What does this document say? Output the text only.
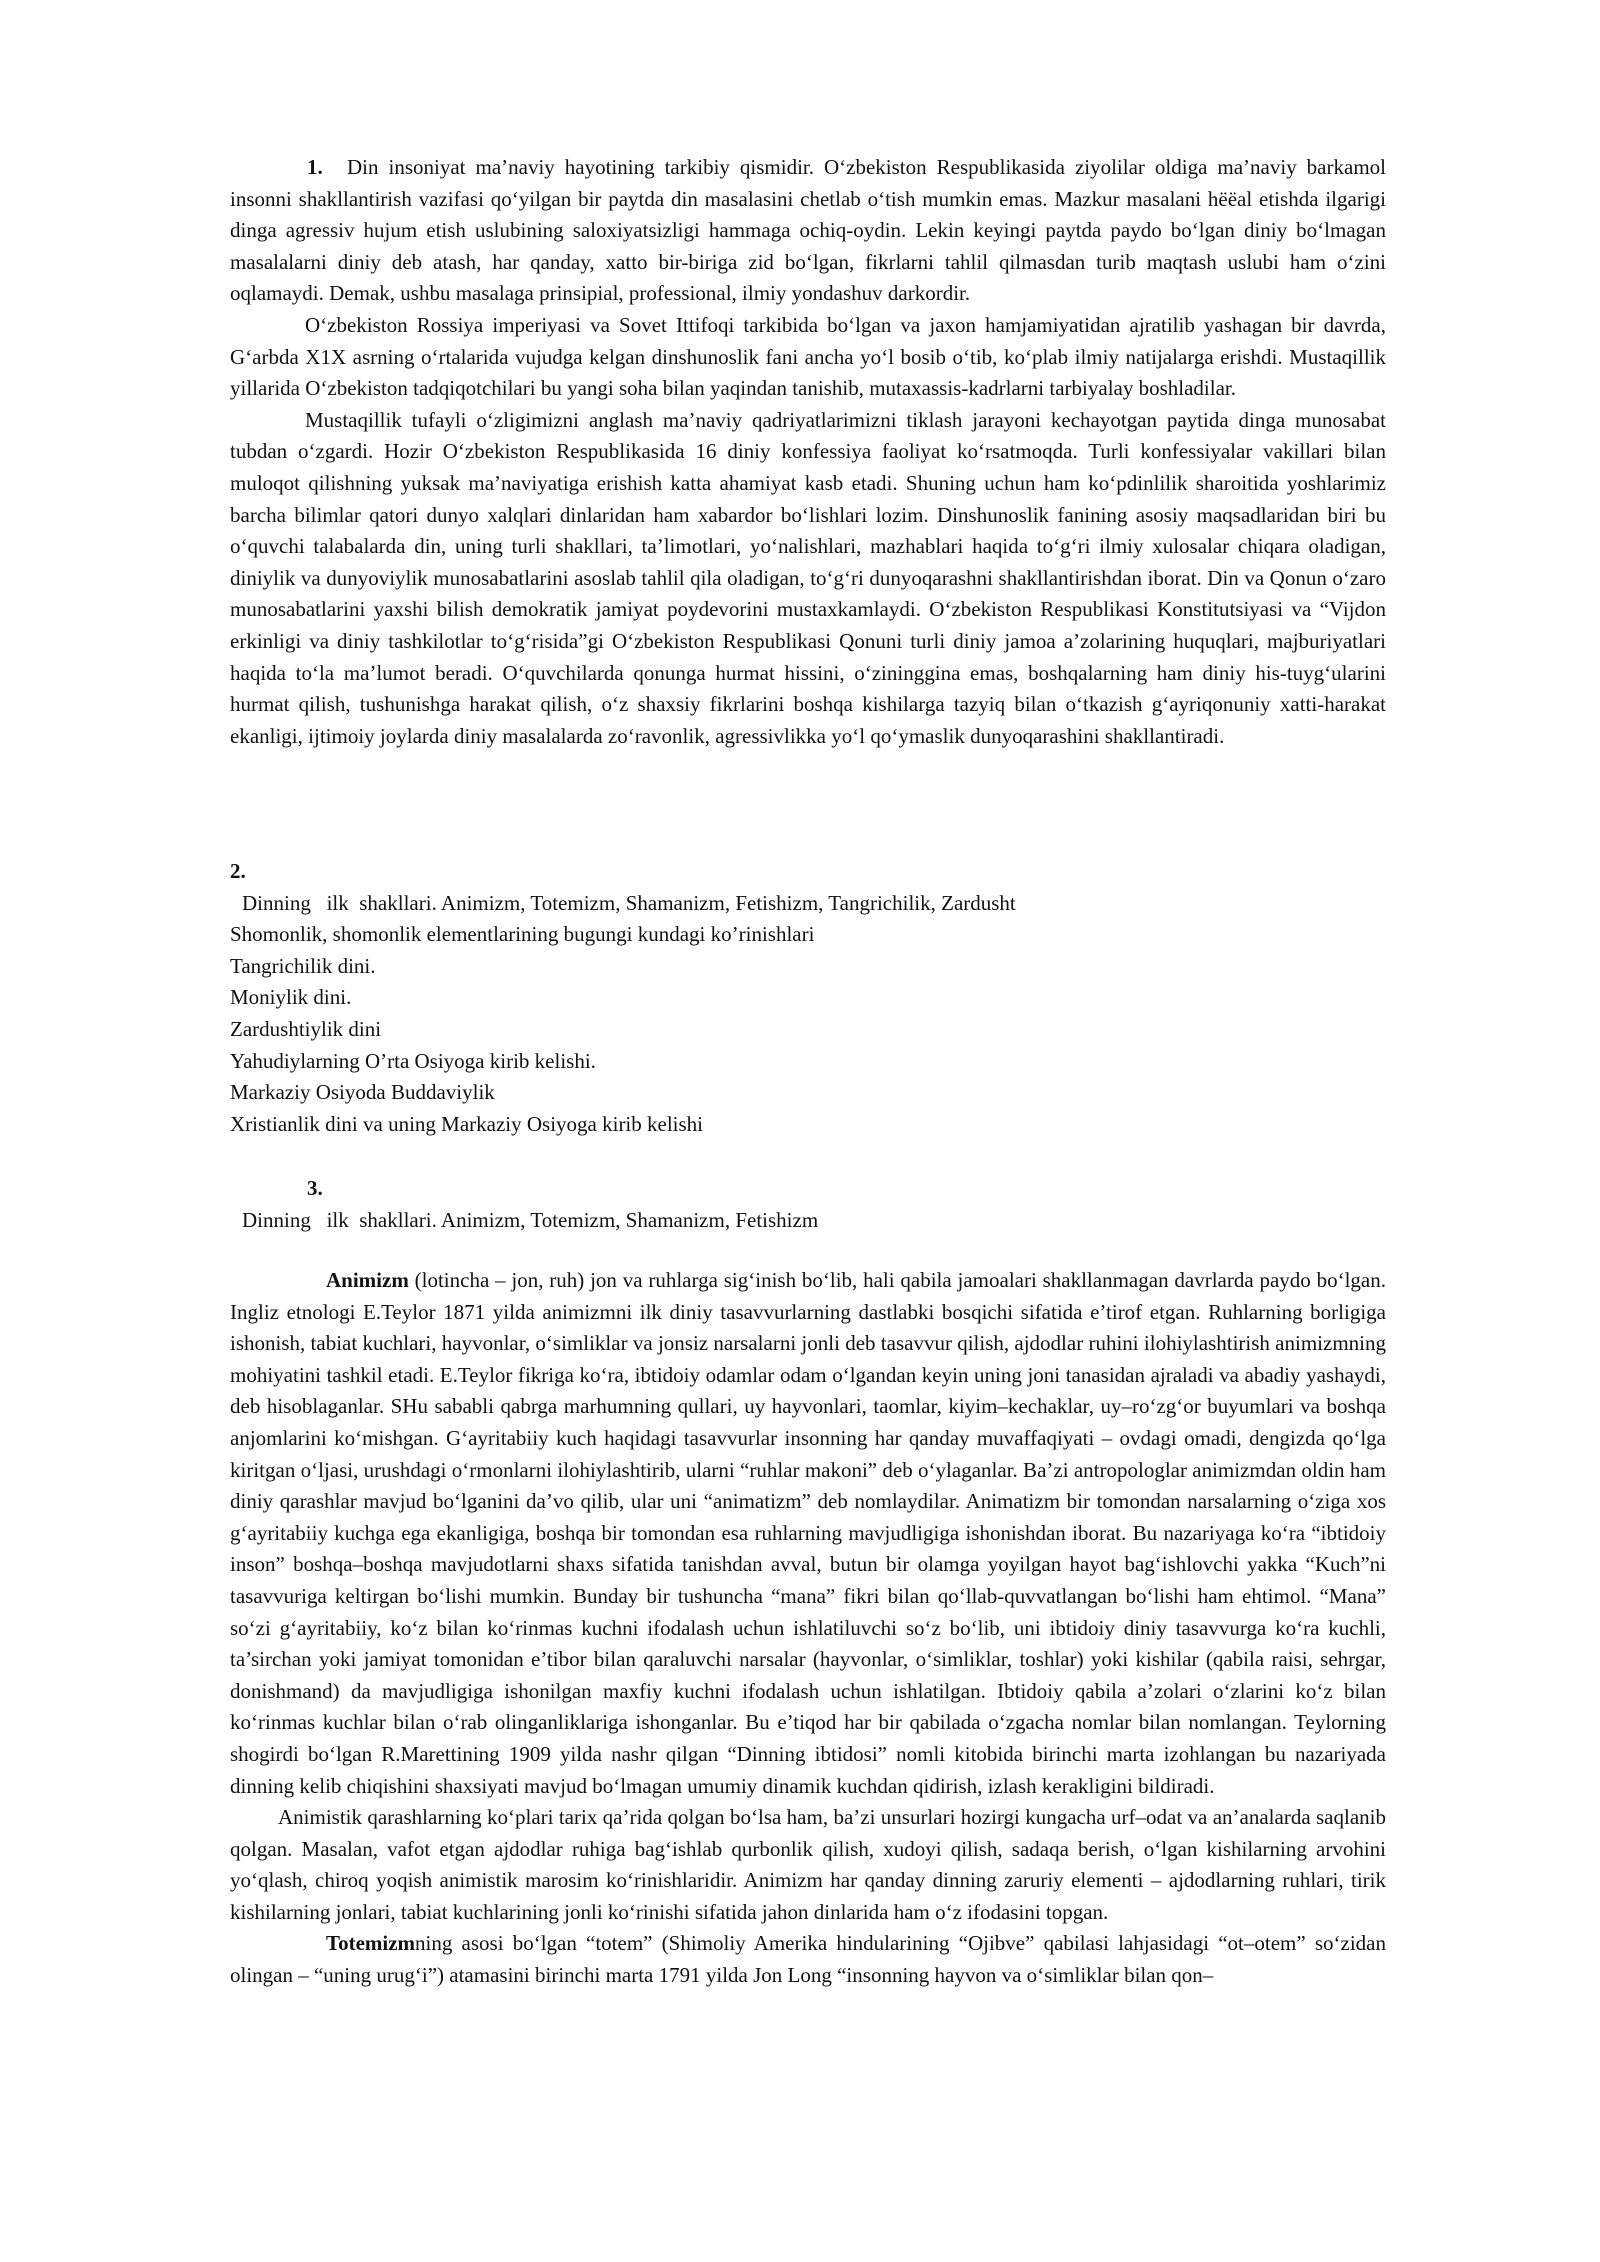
1. Din insoniyat ma’naviy hayotining tarkibiy qismidir. O‘zbekiston Respublikasida ziyolilar oldiga ma’naviy barkamol insonni shakllantirish vazifasi qo‘yilgan bir paytda din masalasini chetlab o‘tish mumkin emas. Mazkur masalani hёёal etishda ilgarigi dinga agressiv hujum etish uslubining saloxiyatsizligi hammaga ochiq-oydin. Lekin keyingi paytda paydo bo‘lgan diniy bo‘lmagan masalalarni diniy deb atash, har qanday, xatto bir-biriga zid bo‘lgan, fikrlarni tahlil qilmasdan turib maqtash uslubi ham o‘zini oqlamaydi. Demak, ushbu masalaga prinsipial, professional, ilmiy yondashuv darkordir.

O‘zbekiston Rossiya imperiyasi va Sovet Ittifoqi tarkibida bo‘lgan va jaxon hamjamiyatidan ajratilib yashagan bir davrda, G‘arbda X1X asrning o‘rtalarida vujudga kelgan dinshunoslik fani ancha yo‘l bosib o‘tib, ko‘plab ilmiy natijalarga erishdi. Mustaqillik yillarida O‘zbekiston tadqiqotchilari bu yangi soha bilan yaqindan tanishib, mutaxassis-kadrlarni tarbiyalay boshladilar.

Mustaqillik tufayli o‘zligimizni anglash ma’naviy qadriyatlarimizni tiklash jarayoni kechayotgan paytida dinga munosabat tubdan o‘zgardi. Hozir O‘zbekiston Respublikasida 16 diniy konfessiya faoliyat ko‘rsatmoqda. Turli konfessiyalar vakillari bilan muloqot qilishning yuksak ma’naviyatiga erishish katta ahamiyat kasb etadi. Shuning uchun ham ko‘pdinlilik sharoitida yoshlarimiz barcha bilimlar qatori dunyo xalqlari dinlaridan ham xabardor bo‘lishlari lozim. Dinshunoslik fanining asosiy maqsadlaridan biri bu o‘quvchi talabalarda din, uning turli shakllari, ta’limotlari, yo‘nalishlari, mazhablari haqida to‘g‘ri ilmiy xulosalar chiqara oladigan, diniylik va dunyoviylik munosabatlarini asoslab tahlil qila oladigan, to‘g‘ri dunyoqarashni shakllantirishdan iborat. Din va Qonun o‘zaro munosabatlarini yaxshi bilish demokratik jamiyat poydevorini mustaxkamlaydi. O‘zbekiston Respublikasi Konstitutsiyasi va “Vijdon erkinligi va diniy tashkilotlar to‘g‘risida”gi O‘zbekiston Respublikasi Qonuni turli diniy jamoa a’zolarining huquqlari, majburiyatlari haqida to‘la ma’lumot beradi. O‘quvchilarda qonunga hurmat hissini, o‘zininggina emas, boshqalarning ham diniy his-tuyg‘ularini hurmat qilish, tushunishga harakat qilish, o‘z shaxsiy fikrlarini boshqa kishilarga tazyiq bilan o‘tkazish g‘ayriqonuniy xatti-harakat ekanligi, ijtimoiy joylarda diniy masalalarda zo‘ravonlik, agressivlikka yo‘l qo‘ymaslik dunyoqarashini shakllantiradi.

2.

Dinning   ilk  shakllari. Animizm, Totemizm, Shamanizm, Fetishizm, Tangrichilik, Zardusht

Shomonlik, shomonlik elementlarining bugungi kundagi ko’rinishlari

Tangrichilik dini.

Moniylik dini.

Zardushtiylik dini

Yahudiylarning O’rta Osiyoga kirib kelishi.

Markaziy Osiyoda Buddaviylik

Xristianlik dini va uning Markaziy Osiyoga kirib kelishi

3.

Dinning   ilk  shakllari. Animizm, Totemizm, Shamanizm, Fetishizm

Animizm (lotincha – jon, ruh) jon va ruhlarga sig‘inish bo‘lib, hali qabila jamoalari shakllanmagan davrlarda paydo bo‘lgan. Ingliz etnologi E.Teylor 1871 yilda animizmni ilk diniy tasavvurlarning dastlabki bosqichi sifatida e’tirof etgan. Ruhlarning borligiga ishonish, tabiat kuchlari, hayvonlar, o‘simliklar va jonsiz narsalarni jonli deb tasavvur qilish, ajdodlar ruhini ilohiylashtirish animizmning mohiyatini tashkil etadi. E.Teylor fikriga ko‘ra, ibtidoiy odamlar odam o‘lgandan keyin uning joni tanasidan ajraladi va abadiy yashaydi, deb hisoblaganlar. SHu sababli qabrga marhumning qullari, uy hayvonlari, taomlar, kiyim–kechaklar, uy–ro‘zg‘or buyumlari va boshqa anjomlarini ko‘mishgan. G‘ayritabiiy kuch haqidagi tasavvurlar insonning har qanday muvaffaqiyati – ovdagi omadi, dengizda qo‘lga kiritgan o‘ljasi, urushdagi o‘rmonlarni ilohiylashtirib, ularni “ruhlar makoni” deb o‘ylaganlar. Ba’zi antropologlar animizmdan oldin ham diniy qarashlar mavjud bo‘lganini da’vo qilib, ular uni “animatizm” deb nomlaydilar. Animatizm bir tomondan narsalarning o‘ziga xos g‘ayritabiiy kuchga ega ekanligiga, boshqa bir tomondan esa ruhlarning mavjudligiga ishonishdan iborat. Bu nazariyaga ko‘ra “ibtidoiy inson” boshqa–boshqa mavjudotlarni shaxs sifatida tanishdan avval, butun bir olamga yoyilgan hayot bag‘ishlovchi yakka “Kuch”ni tasavvuriga keltirgan bo‘lishi mumkin. Bunday bir tushuncha “mana” fikri bilan qo‘llab-quvvatlangan bo‘lishi ham ehtimol. “Mana” so‘zi g‘ayritabiiy, ko‘z bilan ko‘rinmas kuchni ifodalash uchun ishlatiluvchi so‘z bo‘lib, uni ibtidoiy diniy tasavvurga ko‘ra kuchli, ta’sirchan yoki jamiyat tomonidan e’tibor bilan qaraluvchi narsalar (hayvonlar, o‘simliklar, toshlar) yoki kishilar (qabila raisi, sehrgar, donishmand) da mavjudligiga ishonilgan maxfiy kuchni ifodalash uchun ishlatilgan. Ibtidoiy qabila a’zolari o‘zlarini ko‘z bilan ko‘rinmas kuchlar bilan o‘rab olinganliklariga ishonganlar. Bu e’tiqod har bir qabilada o‘zgacha nomlar bilan nomlangan. Teylorning shogirdi bo‘lgan R.Marettining 1909 yilda nashr qilgan “Dinning ibtidosi” nomli kitobida birinchi marta izohlangan bu nazariyada dinning kelib chiqishini shaxsiyati mavjud bo‘lmagan umumiy dinamik kuchdan qidirish, izlash kerakligini bildiradi.

Animistik qarashlarning ko‘plari tarix qa’rida qolgan bo‘lsa ham, ba’zi unsurlari hozirgi kungacha urf–odat va an’analarda saqlanib qolgan. Masalan, vafot etgan ajdodlar ruhiga bag‘ishlab qurbonlik qilish, xudoyi qilish, sadaqa berish, o‘lgan kishilarning arvohini yo‘qlash, chiroq yoqish animistik marosim ko‘rinishlaridir. Animizm har qanday dinning zaruriy elementi – ajdodlarning ruhlari, tirik kishilarning jonlari, tabiat kuchlarining jonli ko‘rinishi sifatida jahon dinlarida ham o‘z ifodasini topgan.

Totemizmning asosi bo‘lgan “totem” (Shimoliy Amerika hindularining “Ojibve” qabilasi lahjasidagi “ot–otem” so‘zidan olingan – “uning urug‘i”) atamasini birinchi marta 1791 yilda Jon Long “insonning hayvon va o‘simliklar bilan qon–
